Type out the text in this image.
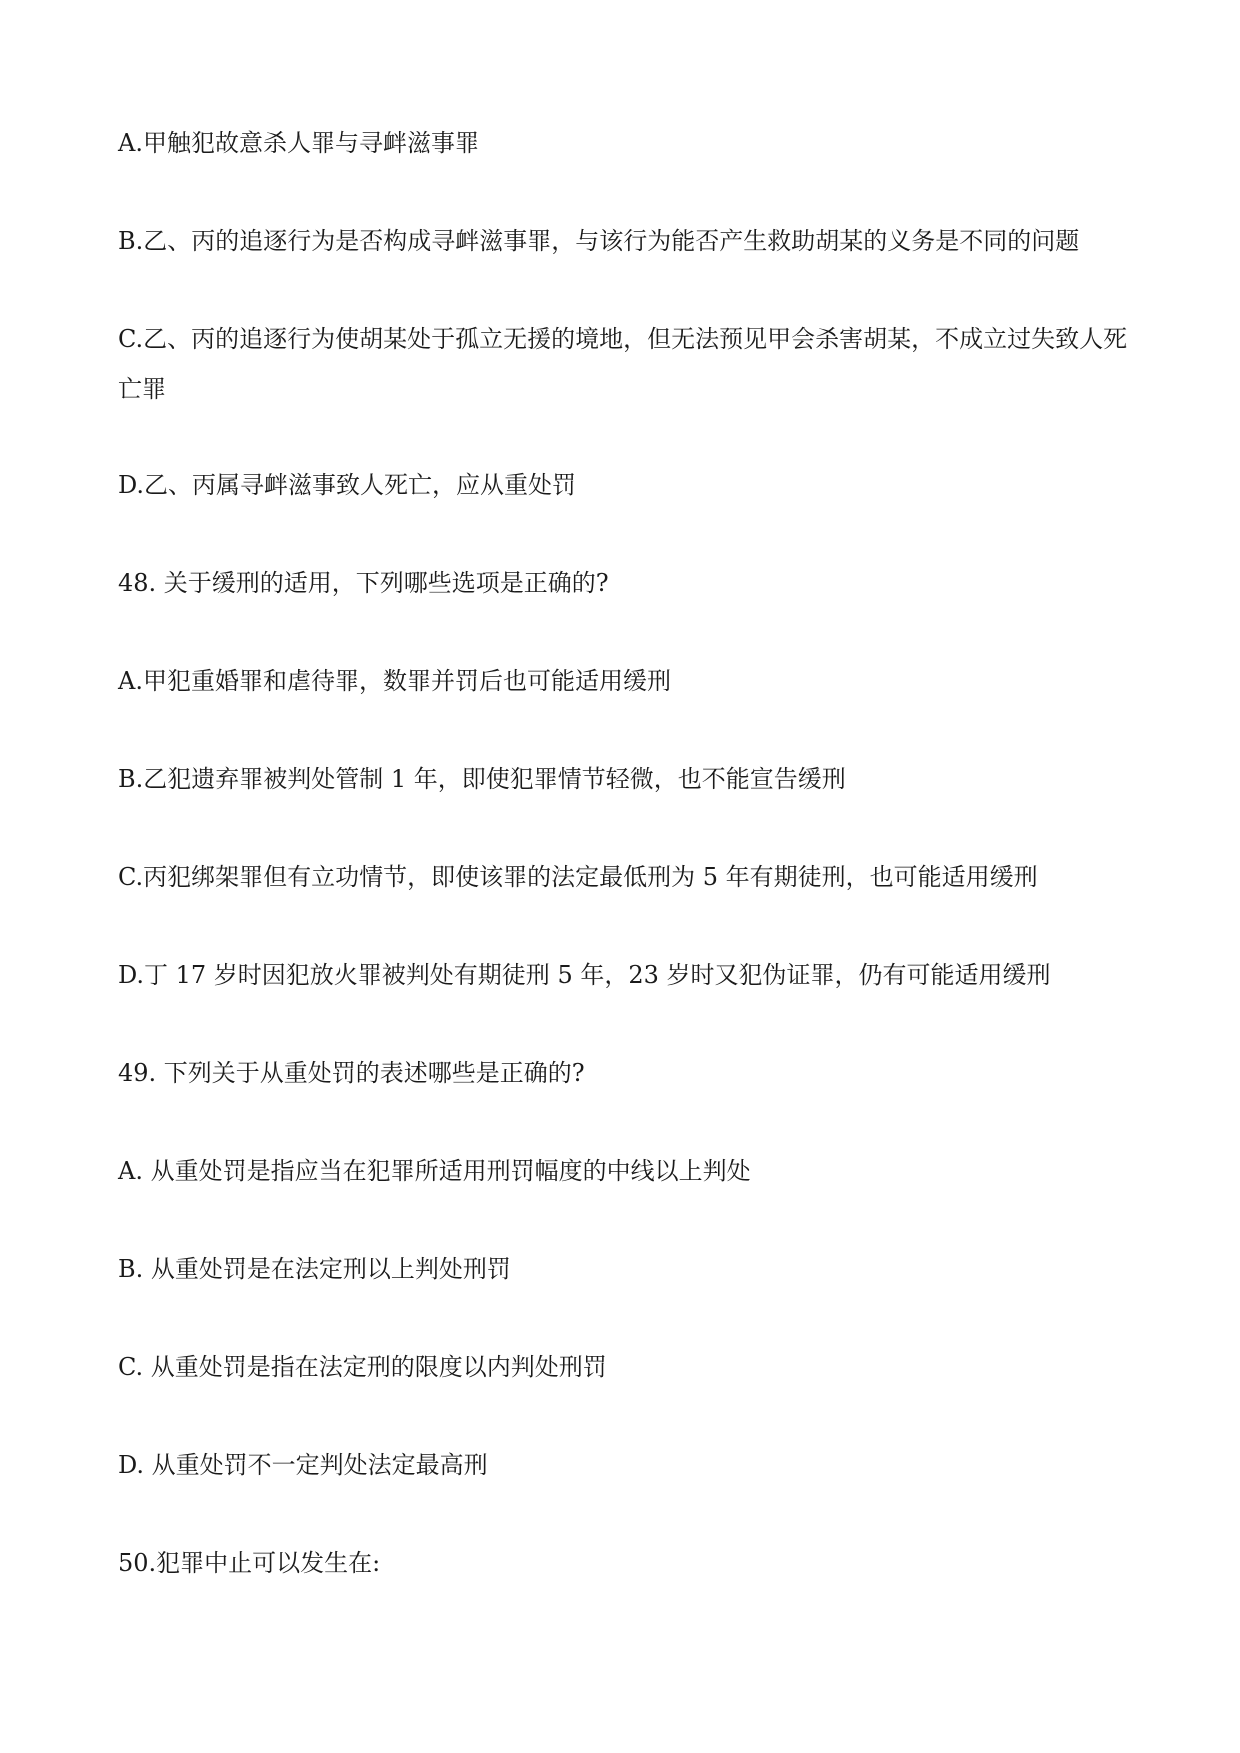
A.甲触犯故意杀人罪与寻衅滋事罪
B.乙、丙的追逐行为是否构成寻衅滋事罪，与该行为能否产生救助胡某的义务是不同的问题
C.乙、丙的追逐行为使胡某处于孤立无援的境地，但无法预见甲会杀害胡某，不成立过失致人死亡罪
D.乙、丙属寻衅滋事致人死亡，应从重处罚
48. 关于缓刑的适用，下列哪些选项是正确的?
A.甲犯重婚罪和虐待罪，数罪并罚后也可能适用缓刑
B.乙犯遗弃罪被判处管制 1 年，即使犯罪情节轻微，也不能宣告缓刑
C.丙犯绑架罪但有立功情节，即使该罪的法定最低刑为 5 年有期徒刑，也可能适用缓刑
D.丁 17 岁时因犯放火罪被判处有期徒刑 5 年，23 岁时又犯伪证罪，仍有可能适用缓刑
49. 下列关于从重处罚的表述哪些是正确的?
A. 从重处罚是指应当在犯罪所适用刑罚幅度的中线以上判处
B. 从重处罚是在法定刑以上判处刑罚
C. 从重处罚是指在法定刑的限度以内判处刑罚
D. 从重处罚不一定判处法定最高刑
50.犯罪中止可以发生在:
